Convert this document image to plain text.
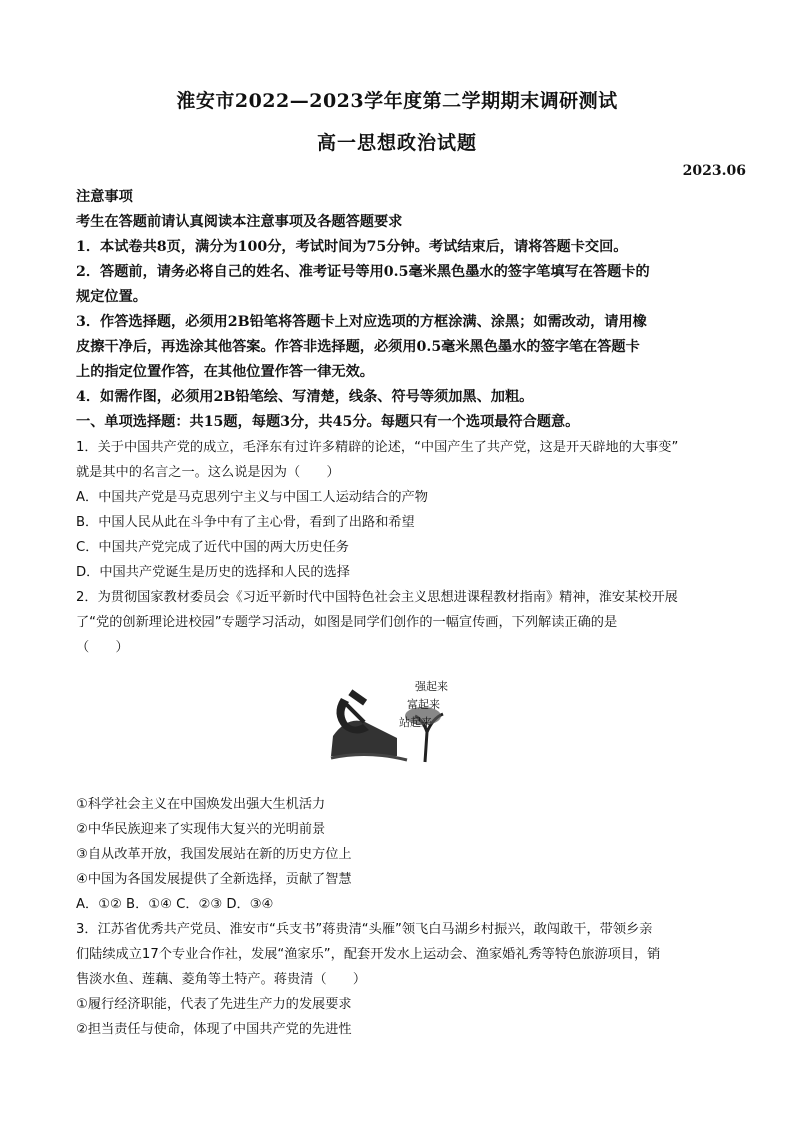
淮安市2022—2023学年度第二学期期末调研测试
高一思想政治试题
2023.06
注意事项
考生在答题前请认真阅读本注意事项及各题答题要求
1．本试卷共8页，满分为100分，考试时间为75分钟。考试结束后，请将答题卡交回。
2．答题前，请务必将自己的姓名、准考证号等用0.5毫米黑色墨水的签字笔填写在答题卡的
规定位置。
3．作答选择题，必须用2B铅笔将答题卡上对应选项的方框涂满、涂黑；如需改动，请用橡
皮擦干净后，再选涂其他答案。作答非选择题，必须用0.5毫米黑色墨水的签字笔在答题卡
上的指定位置作答，在其他位置作答一律无效。
4．如需作图，必须用2B铅笔绘、写清楚，线条、符号等须加黑、加粗。
一、单项选择题：共15题，每题3分，共45分。每题只有一个选项最符合题意。
1．关于中国共产党的成立，毛泽东有过许多精辟的论述，“中国产生了共产党，这是开天辟地的大事变”
就是其中的名言之一。这么说是因为（　　）
A．中国共产党是马克思列宁主义与中国工人运动结合的产物
B．中国人民从此在斗争中有了主心骨，看到了出路和希望
C．中国共产党完成了近代中国的两大历史任务
D．中国共产党诞生是历史的选择和人民的选择
2．为贯彻国家教材委员会《习近平新时代中国特色社会主义思想进课程教材指南》精神，淮安某校开展
了“党的创新理论进校园”专题学习活动，如图是同学们创作的一幅宣传画，下列解读正确的是
（　　）
①科学社会主义在中国焕发出强大生机活力
②中华民族迎来了实现伟大复兴的光明前景
③自从改革开放，我国发展站在新的历史方位上
④中国为各国发展提供了全新选择，贡献了智慧
A．①② B．①④ C．②③ D．③④
3．江苏省优秀共产党员、淮安市“兵支书”蒋贵清“头雁”领飞白马湖乡村振兴，敢闯敢干，带领乡亲
们陆续成立17个专业合作社，发展“渔家乐”，配套开发水上运动会、渔家婚礼秀等特色旅游项目，销
售淡水鱼、莲藕、菱角等土特产。蒋贵清（　　）
①履行经济职能，代表了先进生产力的发展要求
②担当责任与使命，体现了中国共产党的先进性
强起来
富起来
站起来
